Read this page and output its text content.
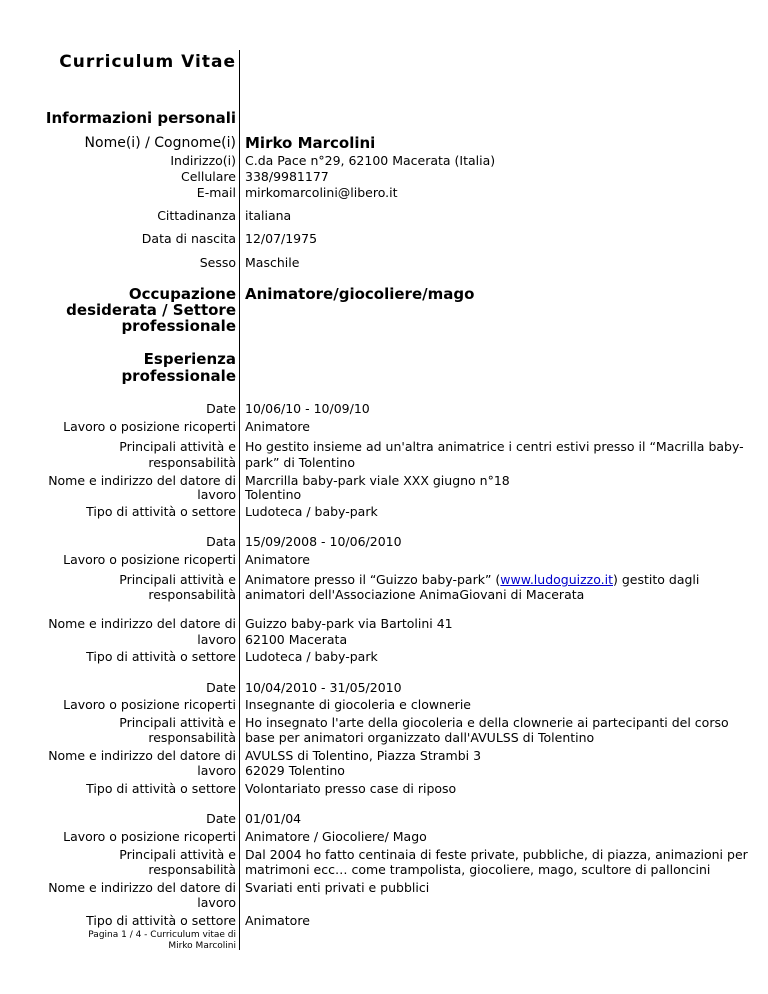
Curriculum Vitae
Informazioni personali
Nome(i) / Cognome(i) Mirko Marcolini
Indirizzo(i) C.da Pace n°29, 62100 Macerata (Italia)
Cellulare 338/9981177
E-mail mirkomarcolini@libero.it
Cittadinanza italiana
Data di nascita 12/07/1975
Sesso Maschile
Occupazione
desiderata / Settore
professionale
Animatore/giocoliere/mago
Esperienza
professionale
Date 10/06/10 - 10/09/10
Lavoro o posizione ricoperti Animatore
Principali attività e
responsabilità
Ho gestito insieme ad un'altra animatrice i centri estivi presso il “Macrilla baby-
park” di Tolentino
Nome e indirizzo del datore di
lavoro
Marcrilla baby-park viale XXX giugno n°18
Tolentino
Tipo di attività o settore Ludoteca / baby-park
Data 15/09/2008 - 10/06/2010
Lavoro o posizione ricoperti Animatore
Principali attività e
responsabilità
Animatore presso il “Guizzo baby-park” (www.ludoguizzo.it) gestito dagli
animatori dell'Associazione AnimaGiovani di Macerata
Nome e indirizzo del datore di
lavoro
Guizzo baby-park via Bartolini 41
62100 Macerata
Tipo di attività o settore Ludoteca / baby-park
Date 10/04/2010 - 31/05/2010
Lavoro o posizione ricoperti Insegnante di giocoleria e clownerie
Principali attività e
responsabilità
Ho insegnato l'arte della giocoleria e della clownerie ai partecipanti del corso
base per animatori organizzato dall'AVULSS di Tolentino
Nome e indirizzo del datore di
lavoro
AVULSS di Tolentino, Piazza Strambi 3
62029 Tolentino
Tipo di attività o settore Volontariato presso case di riposo
Date 01/01/04
Lavoro o posizione ricoperti Animatore / Giocoliere/ Mago
Principali attività e
responsabilità
Dal 2004 ho fatto centinaia di feste private, pubbliche, di piazza, animazioni per
matrimoni ecc… come trampolista, giocoliere, mago, scultore di palloncini
Nome e indirizzo del datore di
lavoro
Svariati enti privati e pubblici
Tipo di attività o settore Animatore
Pagina 1 / 4 - Curriculum vitae di
Mirko Marcolini
